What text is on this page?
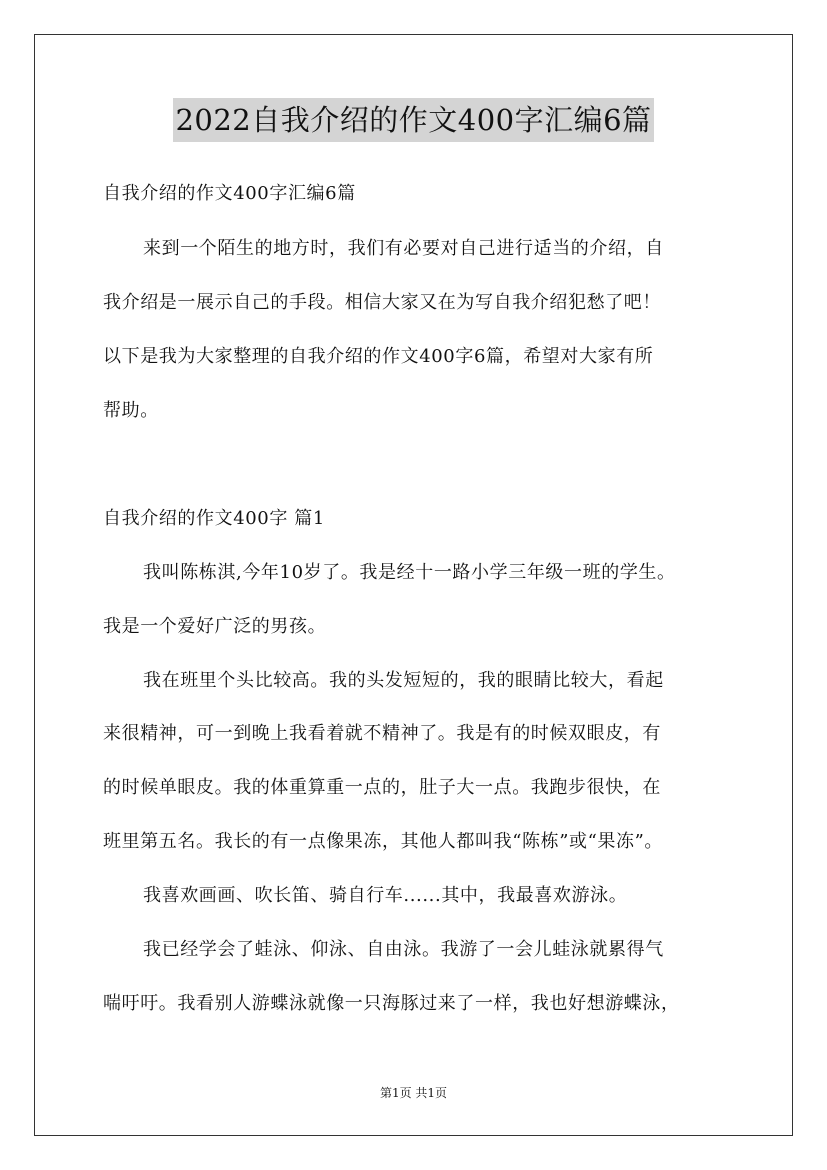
2022自我介绍的作文400字汇编6篇
自我介绍的作文400字汇编6篇
来到一个陌生的地方时，我们有必要对自己进行适当的介绍，自
我介绍是一展示自己的手段。相信大家又在为写自我介绍犯愁了吧！
以下是我为大家整理的自我介绍的作文400字6篇，希望对大家有所
帮助。
自我介绍的作文400字 篇1
我叫陈栋淇,今年10岁了。我是经十一路小学三年级一班的学生。
我是一个爱好广泛的男孩。
我在班里个头比较高。我的头发短短的，我的眼睛比较大，看起
来很精神，可一到晚上我看着就不精神了。我是有的时候双眼皮，有
的时候单眼皮。我的体重算重一点的，肚子大一点。我跑步很快，在
班里第五名。我长的有一点像果冻，其他人都叫我“陈栋”或“果冻”。
我喜欢画画、吹长笛、骑自行车......其中，我最喜欢游泳。
我已经学会了蛙泳、仰泳、自由泳。我游了一会儿蛙泳就累得气
喘吁吁。我看别人游蝶泳就像一只海豚过来了一样，我也好想游蝶泳，
第1页 共1页
